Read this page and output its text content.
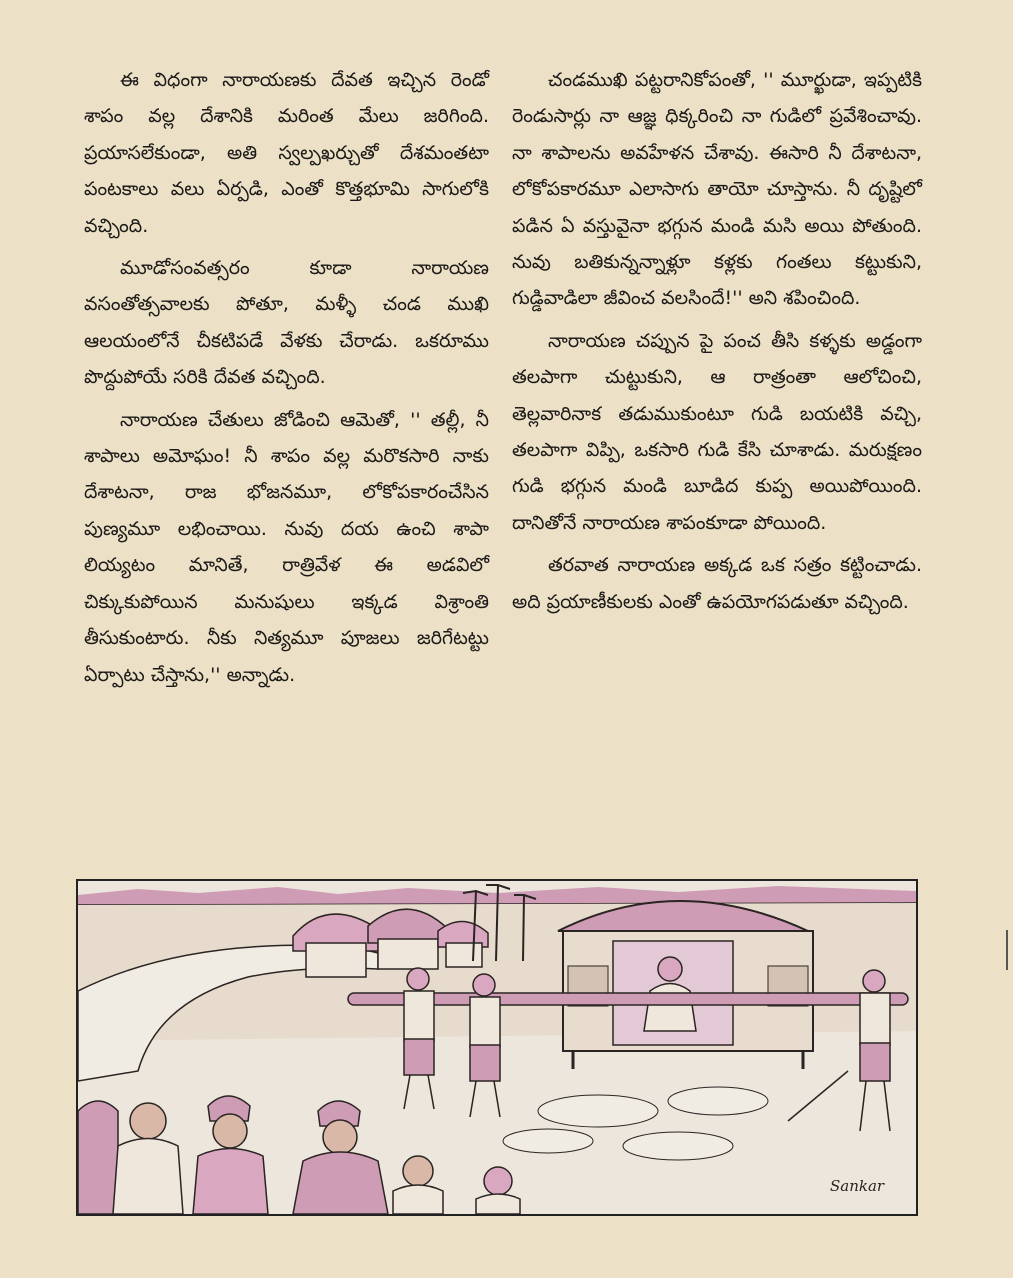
ఈ విధంగా నారాయణకు దేవత ఇచ్చిన రెండో శాపం వల్ల దేశానికి మరింత మేలు జరిగింది. ప్రయాసలేకుండా, అతి స్వల్పఖర్చుతో దేశమంతటా పంటకాలు వలు ఏర్పడి, ఎంతో కొత్తభూమి సాగులోకి వచ్చింది.

మూడోసంవత్సరం కూడా నారాయణ వసంతోత్సవాలకు పోతూ, మళ్ళీ చండ ముఖి ఆలయంలోనే చీకటిపడే వేళకు చేరాడు. ఒకరూము పొద్దుపోయే సరికి దేవత వచ్చింది.

నారాయణ చేతులు జోడించి ఆమెతో, '' తల్లీ, నీ శాపాలు అమోఘం! నీ శాపం వల్ల మరొకసారి నాకు దేశాటనా, రాజ భోజనమూ, లోకోపకారంచేసిన పుణ్యమూ లభించాయి. నువు దయ ఉంచి శాపా లియ్యటం మానితే, రాత్రివేళ ఈ అడవిలో చిక్కుకుపోయిన మనుషులు ఇక్కడ విశ్రాంతి తీసుకుంటారు. నీకు నిత్యమూ పూజలు జరిగేటట్టు ఏర్పాటు చేస్తాను,'' అన్నాడు.

చండముఖి పట్టరానికోపంతో, '' మూర్ఖుడా, ఇప్పటికి రెండుసార్లు నా ఆజ్ఞ ధిక్కరించి నా గుడిలో ప్రవేశించావు. నా శాపాలను అవహేళన చేశావు. ఈసారి నీ దేశాటనా, లోకోపకారమూ ఎలాసాగు తాయో చూస్తాను. నీ దృష్టిలో పడిన ఏ వస్తువైనా భగ్గున మండి మసి అయి పోతుంది. నువు బతికున్నన్నాళ్లూ కళ్లకు గంతలు కట్టుకుని, గుడ్డివాడిలా జీవించ వలసిందే!'' అని శపించింది.

నారాయణ చప్పున పై పంచ తీసి కళ్ళకు అడ్డంగా తలపాగా చుట్టుకుని, ఆ రాత్రంతా ఆలోచించి, తెల్లవారినాక తడుముకుంటూ గుడి బయటికి వచ్చి, తలపాగా విప్పి, ఒకసారి గుడి కేసి చూశాడు. మరుక్షణం గుడి భగ్గున మండి బూడిద కుప్ప అయిపోయింది. దానితోనే నారాయణ శాపంకూడా పోయింది.

తరవాత నారాయణ అక్కడ ఒక సత్రం కట్టించాడు. అది ప్రయాణీకులకు ఎంతో ఉపయోగపడుతూ వచ్చింది.

Sankar
